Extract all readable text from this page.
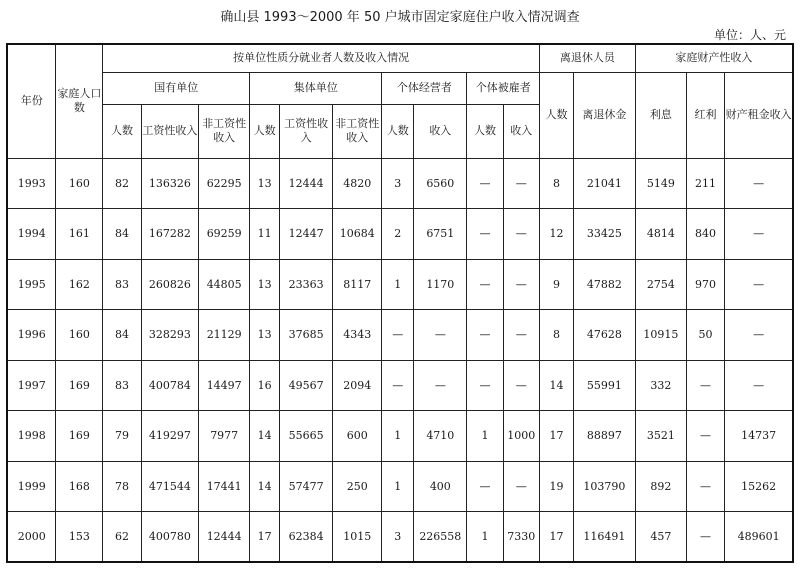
确山县 1993～2000 年 50 户城市固定家庭住户收入情况调查
单位：人、元
年份	家庭人口数	按单位性质分就业者人数及收入情况										离退休人员		家庭财产性收入		
		国有单位			集体单位			个体经营者		个体被雇者		人数	离退休金	利息	红利	财产租金收入
		人数	工资性收入	非工资性收入	人数	工资性收入	非工资性收入	人数	收入	人数	收入					
1993	160	82	136326	62295	13	12444	4820	3	6560	—	—	8	21041	5149	211	—
1994	161	84	167282	69259	11	12447	10684	2	6751	—	—	12	33425	4814	840	—
1995	162	83	260826	44805	13	23363	8117	1	1170	—	—	9	47882	2754	970	—
1996	160	84	328293	21129	13	37685	4343	—	—	—	—	8	47628	10915	50	—
1997	169	83	400784	14497	16	49567	2094	—	—	—	—	14	55991	332	—	—
1998	169	79	419297	7977	14	55665	600	1	4710	1	1000	17	88897	3521	—	14737
1999	168	78	471544	17441	14	57477	250	1	400	—	—	19	103790	892	—	15262
2000	153	62	400780	12444	17	62384	1015	3	226558	1	7330	17	116491	457	—	489601
